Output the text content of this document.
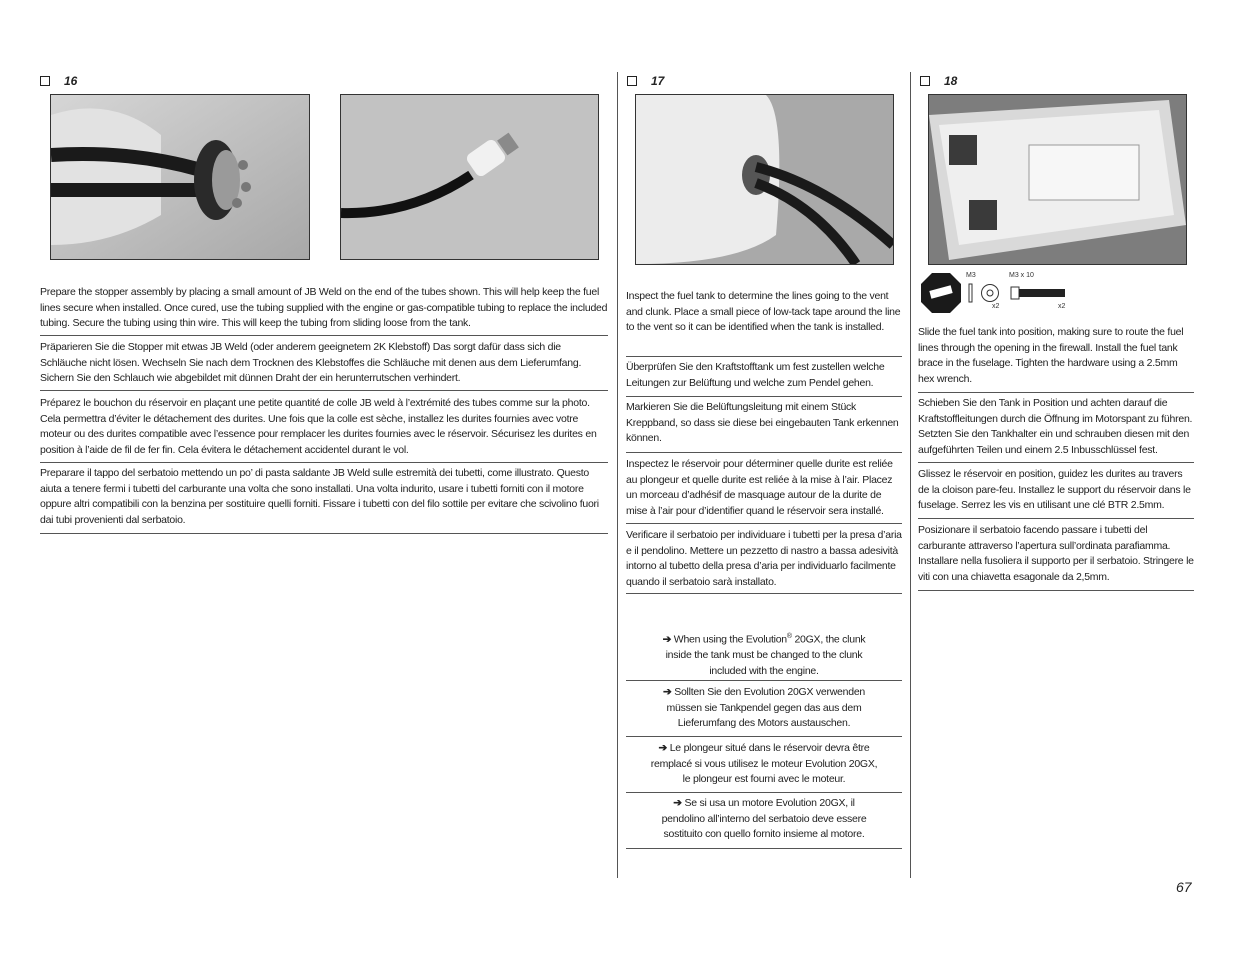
16
Prepare the stopper assembly by placing a small amount of JB Weld on the end of the tubes shown. This will help keep the fuel lines secure when installed. Once cured, use the tubing supplied with the engine or gas-compatible tubing to replace the included tubing. Secure the tubing using thin wire. This will keep the tubing from sliding loose from the tank.
Präparieren Sie die Stopper mit etwas JB Weld (oder anderem geeignetem 2K Klebstoff) Das sorgt dafür dass sich die Schläuche nicht lösen. Wechseln Sie nach dem Trocknen des Klebstoffes die Schläuche mit denen aus dem Lieferumfang. Sichern Sie den Schlauch wie abgebildet mit dünnen Draht der ein herunterrutschen verhindert.
Préparez le bouchon du réservoir en plaçant une petite quantité de colle JB weld à l’extrémité des tubes comme sur la photo. Cela permettra d’éviter le détachement des durites. Une fois que la colle est sèche, installez les durites fournies avec votre moteur ou des durites compatible avec l’essence pour remplacer les durites fournies avec le réservoir. Sécurisez les durites en position à l’aide de fil de fer fin. Cela évitera le détachement accidentel durant le vol.
Preparare il tappo del serbatoio mettendo un po’ di pasta saldante JB Weld sulle estremità dei tubetti, come illustrato. Questo aiuta a tenere fermi i tubetti del carburante una volta che sono installati. Una volta indurito, usare i tubetti forniti con il motore oppure altri compatibili con la benzina per sostituire quelli forniti. Fissare i tubetti con del filo sottile per evitare che scivolino fuori dai tubi provenienti dal serbatoio.
17
Inspect the fuel tank to determine the lines going to the vent and clunk. Place a small piece of low-tack tape around the line to the vent so it can be identified when the tank is installed.
Überprüfen Sie den Kraftstofftank um fest zustellen welche Leitungen zur Belüftung und welche zum Pendel gehen.
Markieren Sie die Belüftungsleitung mit einem Stück Kreppband, so dass sie diese bei eingebauten Tank erkennen können.
Inspectez le réservoir pour déterminer quelle durite est reliée au plongeur et quelle durite est reliée à la mise à l’air. Placez un morceau d’adhésif de masquage autour de la durite de mise à l’air pour d’identifier quand le réservoir sera installé.
Verificare il serbatoio per individuare i tubetti per la presa d’aria e il pendolino. Mettere un pezzetto di nastro a bassa adesività intorno al tubetto della presa d’aria per individuarlo facilmente quando il serbatoio sarà installato.
➔ When using the Evolution® 20GX, the clunk inside the tank must be changed to the clunk included with the engine.
➔ Sollten Sie den Evolution 20GX verwenden müssen sie Tankpendel gegen das aus dem Lieferumfang des Motors austauschen.
➔ Le plongeur situé dans le réservoir devra être remplacé si vous utilisez le moteur Evolution 20GX, le plongeur est fourni avec le moteur.
➔ Se si usa un motore Evolution 20GX, il pendolino all’interno del serbatoio deve essere sostituito con quello fornito insieme al motore.
18
M3	M3 x 10
x2	x2
Slide the fuel tank into position, making sure to route the fuel lines through the opening in the firewall. Install the fuel tank brace in the fuselage. Tighten the hardware using a 2.5mm hex wrench.
Schieben Sie den Tank in Position und achten darauf die Kraftstoffleitungen durch die Öffnung im Motorspant zu führen. Setzten Sie den Tankhalter ein und schrauben diesen mit den aufgeführten Teilen und einem 2.5 Inbusschlüssel fest.
Glissez le réservoir en position, guidez les durites au travers de la cloison pare-feu. Installez le support du réservoir dans le fuselage. Serrez les vis en utilisant une clé BTR 2.5mm.
Posizionare il serbatoio facendo passare i tubetti del carburante attraverso l’apertura sull’ordinata parafiamma. Installare nella fusoliera il supporto per il serbatoio. Stringere le viti con una chiavetta esagonale da 2,5mm.
67
